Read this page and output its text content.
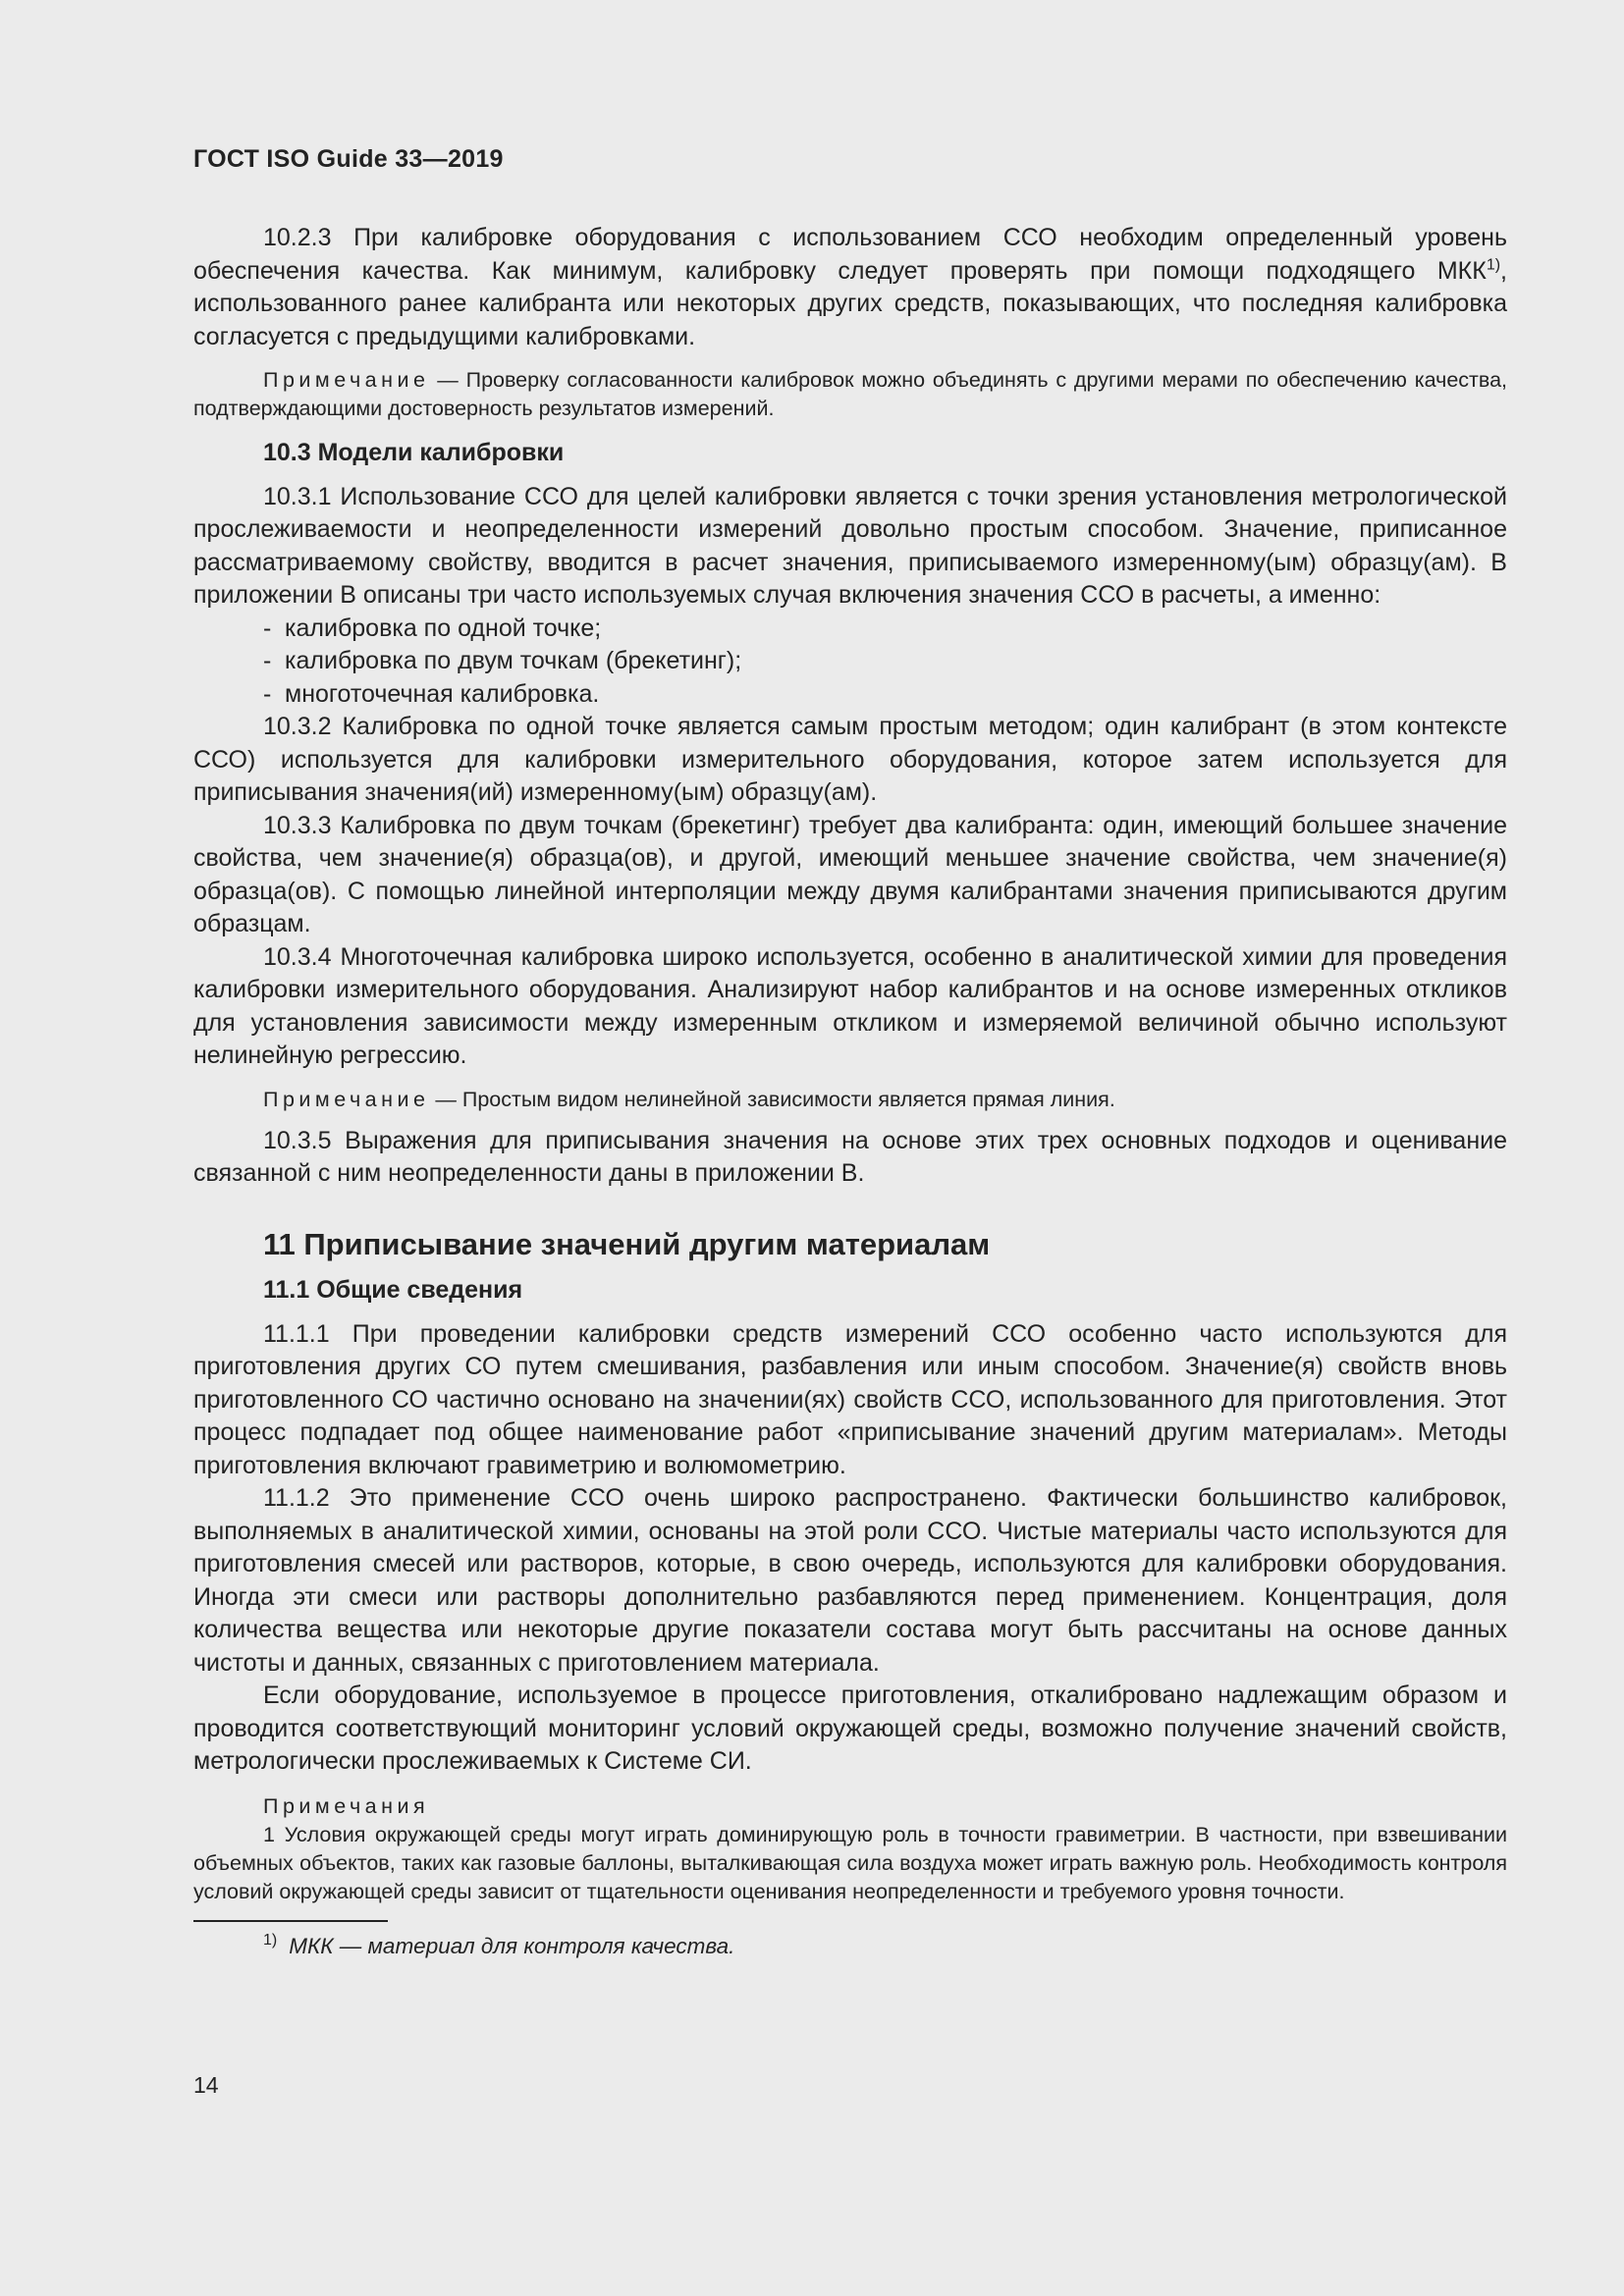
ГОСТ ISO Guide 33—2019

10.2.3 При калибровке оборудования с использованием ССО необходим определенный уровень обеспечения качества. Как минимум, калибровку следует проверять при помощи подходящего МКК$^{1)}$, использованного ранее калибранта или некоторых других средств, показывающих, что последняя калибровка согласуется с предыдущими калибровками.

Примечание — Проверку согласованности калибровок можно объединять с другими мерами по обеспечению качества, подтверждающими достоверность результатов измерений.

10.3 Модели калибровки

10.3.1 Использование ССО для целей калибровки является с точки зрения установления метрологической прослеживаемости и неопределенности измерений довольно простым способом. Значение, приписанное рассматриваемому свойству, вводится в расчет значения, приписываемого измеренному(ым) образцу(ам). В приложении В описаны три часто используемых случая включения значения ССО в расчеты, а именно:

- калибровка по одной точке;
- калибровка по двум точкам (брекетинг);
- многоточечная калибровка.

10.3.2 Калибровка по одной точке является самым простым методом; один калибрант (в этом контексте ССО) используется для калибровки измерительного оборудования, которое затем используется для приписывания значения(ий) измеренному(ым) образцу(ам).

10.3.3 Калибровка по двум точкам (брекетинг) требует два калибранта: один, имеющий большее значение свойства, чем значение(я) образца(ов), и другой, имеющий меньшее значение свойства, чем значение(я) образца(ов). С помощью линейной интерполяции между двумя калибрантами значения приписываются другим образцам.

10.3.4 Многоточечная калибровка широко используется, особенно в аналитической химии для проведения калибровки измерительного оборудования. Анализируют набор калибрантов и на основе измеренных откликов для установления зависимости между измеренным откликом и измеряемой величиной обычно используют нелинейную регрессию.

Примечание — Простым видом нелинейной зависимости является прямая линия.

10.3.5 Выражения для приписывания значения на основе этих трех основных подходов и оценивание связанной с ним неопределенности даны в приложении В.

11 Приписывание значений другим материалам
11.1 Общие сведения

11.1.1 При проведении калибровки средств измерений ССО особенно часто используются для приготовления других СО путем смешивания, разбавления или иным способом. Значение(я) свойств вновь приготовленного СО частично основано на значении(ях) свойств ССО, использованного для приготовления. Этот процесс подпадает под общее наименование работ «приписывание значений другим материалам». Методы приготовления включают гравиметрию и волюмометрию.

11.1.2 Это применение ССО очень широко распространено. Фактически большинство калибровок, выполняемых в аналитической химии, основаны на этой роли ССО. Чистые материалы часто используются для приготовления смесей или растворов, которые, в свою очередь, используются для калибровки оборудования. Иногда эти смеси или растворы дополнительно разбавляются перед применением. Концентрация, доля количества вещества или некоторые другие показатели состава могут быть рассчитаны на основе данных чистоты и данных, связанных с приготовлением материала.

Если оборудование, используемое в процессе приготовления, откалибровано надлежащим образом и проводится соответствующий мониторинг условий окружающей среды, возможно получение значений свойств, метрологически прослеживаемых к Системе СИ.

Примечания

1 Условия окружающей среды могут играть доминирующую роль в точности гравиметрии. В частности, при взвешивании объемных объектов, таких как газовые баллоны, выталкивающая сила воздуха может играть важную роль. Необходимость контроля условий окружающей среды зависит от тщательности оценивания неопределенности и требуемого уровня точности.

$^{1)}$ МКК — материал для контроля качества.
14
